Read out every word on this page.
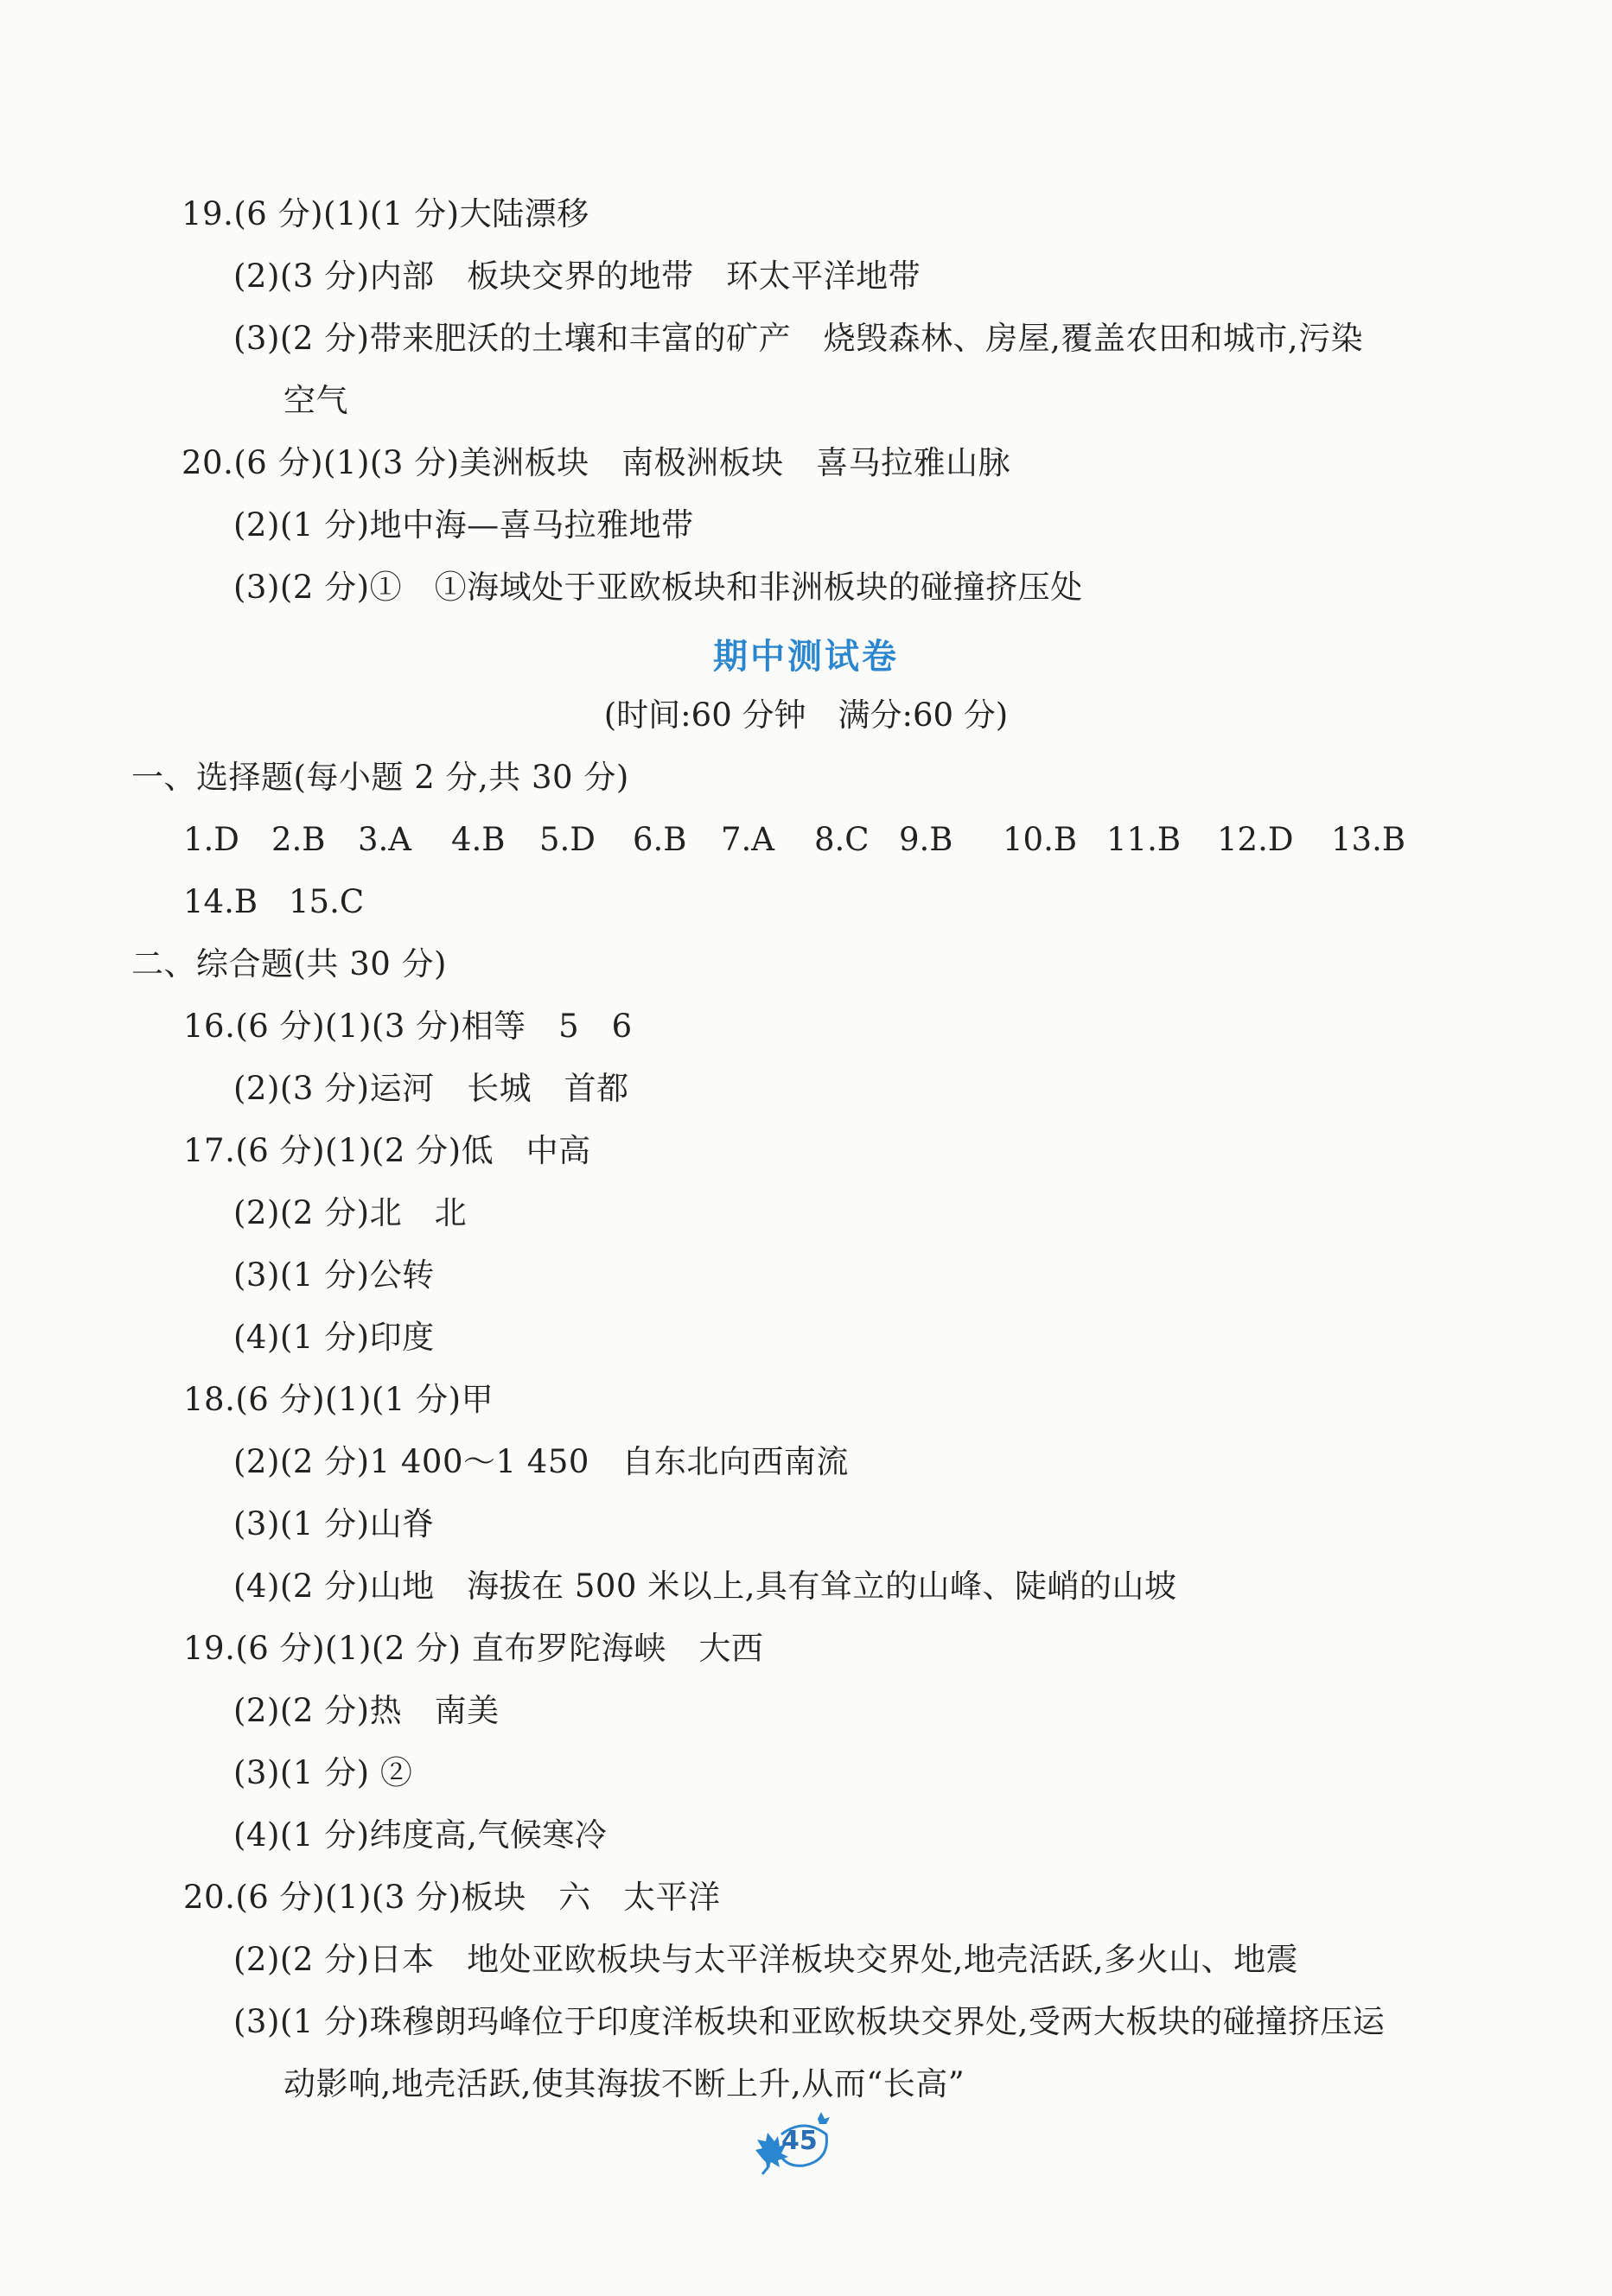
19.(6 分)(1)(1 分)大陆漂移
(2)(3 分)内部　板块交界的地带　环太平洋地带
(3)(2 分)带来肥沃的土壤和丰富的矿产　烧毁森林、房屋,覆盖农田和城市,污染
空气
20.(6 分)(1)(3 分)美洲板块　南极洲板块　喜马拉雅山脉
(2)(1 分)地中海—喜马拉雅地带
(3)(2 分)①　①海域处于亚欧板块和非洲板块的碰撞挤压处
期中测试卷
(时间:60 分钟　满分:60 分)
一、选择题(每小题 2 分,共 30 分)
1.D 2.B 3.A 4.B 5.D 6.B 7.A 8.C 9.B 10.B 11.B 12.D 13.B
14.B 15.C
二、综合题(共 30 分)
16.(6 分)(1)(3 分)相等　5　6
(2)(3 分)运河　长城　首都
17.(6 分)(1)(2 分)低　中高
(2)(2 分)北　北
(3)(1 分)公转
(4)(1 分)印度
18.(6 分)(1)(1 分)甲
(2)(2 分)1 400～1 450　自东北向西南流
(3)(1 分)山脊
(4)(2 分)山地　海拔在 500 米以上,具有耸立的山峰、陡峭的山坡
19.(6 分)(1)(2 分) 直布罗陀海峡　大西
(2)(2 分)热　南美
(3)(1 分) ②
(4)(1 分)纬度高,气候寒冷
20.(6 分)(1)(3 分)板块　六　太平洋
(2)(2 分)日本　地处亚欧板块与太平洋板块交界处,地壳活跃,多火山、地震
(3)(1 分)珠穆朗玛峰位于印度洋板块和亚欧板块交界处,受两大板块的碰撞挤压运
动影响,地壳活跃,使其海拔不断上升,从而“长高”
45
